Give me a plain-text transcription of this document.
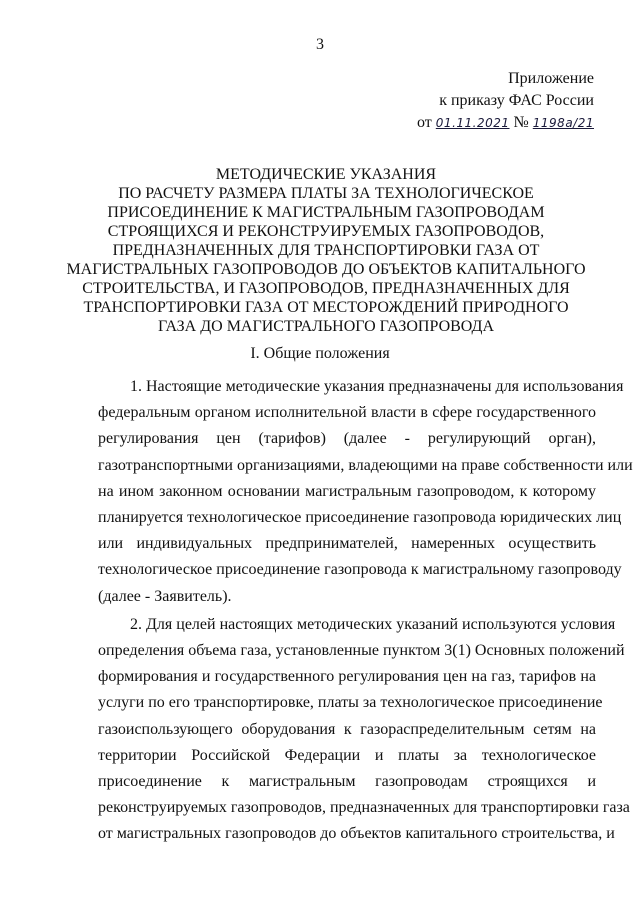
3
Приложение
к приказу ФАС России
от 01.11.2021 № 1198а/21
МЕТОДИЧЕСКИЕ УКАЗАНИЯ
ПО РАСЧЕТУ РАЗМЕРА ПЛАТЫ ЗА ТЕХНОЛОГИЧЕСКОЕ
ПРИСОЕДИНЕНИЕ К МАГИСТРАЛЬНЫМ ГАЗОПРОВОДАМ
СТРОЯЩИХСЯ И РЕКОНСТРУИРУЕМЫХ ГАЗОПРОВОДОВ,
ПРЕДНАЗНАЧЕННЫХ ДЛЯ ТРАНСПОРТИРОВКИ ГАЗА ОТ
МАГИСТРАЛЬНЫХ ГАЗОПРОВОДОВ ДО ОБЪЕКТОВ КАПИТАЛЬНОГО
СТРОИТЕЛЬСТВА, И ГАЗОПРОВОДОВ, ПРЕДНАЗНАЧЕННЫХ ДЛЯ
ТРАНСПОРТИРОВКИ ГАЗА ОТ МЕСТОРОЖДЕНИЙ ПРИРОДНОГО
ГАЗА ДО МАГИСТРАЛЬНОГО ГАЗОПРОВОДА
I. Общие положения
1. Настоящие методические указания предназначены для использования
федеральным органом исполнительной власти в сфере государственного
регулирования цен (тарифов) (далее - регулирующий орган),
газотранспортными организациями, владеющими на праве собственности или
на ином законном основании магистральным газопроводом, к которому
планируется технологическое присоединение газопровода юридических лиц
или индивидуальных предпринимателей, намеренных осуществить
технологическое присоединение газопровода к магистральному газопроводу
(далее - Заявитель).
2. Для целей настоящих методических указаний используются условия
определения объема газа, установленные пунктом 3(1) Основных положений
формирования и государственного регулирования цен на газ, тарифов на
услуги по его транспортировке, платы за технологическое присоединение
газоиспользующего оборудования к газораспределительным сетям на
территории Российской Федерации и платы за технологическое
присоединение к магистральным газопроводам строящихся и
реконструируемых газопроводов, предназначенных для транспортировки газа
от магистральных газопроводов до объектов капитального строительства, и
